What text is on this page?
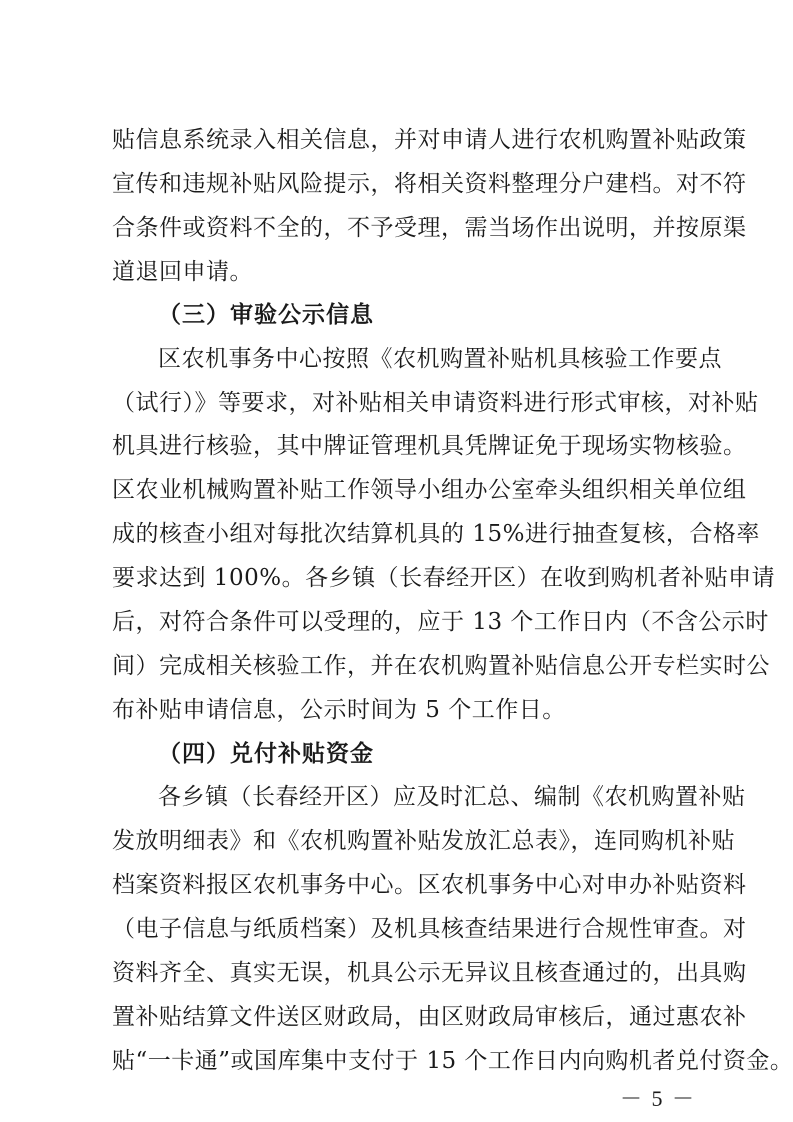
贴信息系统录入相关信息，并对申请人进行农机购置补贴政策
宣传和违规补贴风险提示，将相关资料整理分户建档。对不符
合条件或资料不全的，不予受理，需当场作出说明，并按原渠
道退回申请。
（三）审验公示信息
区农机事务中心按照《农机购置补贴机具核验工作要点
（试行）》等要求，对补贴相关申请资料进行形式审核，对补贴
机具进行核验，其中牌证管理机具凭牌证免于现场实物核验。
区农业机械购置补贴工作领导小组办公室牵头组织相关单位组
成的核查小组对每批次结算机具的 15%进行抽查复核，合格率
要求达到 100%。各乡镇（长春经开区）在收到购机者补贴申请
后，对符合条件可以受理的，应于 13 个工作日内（不含公示时
间）完成相关核验工作，并在农机购置补贴信息公开专栏实时公
布补贴申请信息，公示时间为 5 个工作日。
（四）兑付补贴资金
各乡镇（长春经开区）应及时汇总、编制《农机购置补贴
发放明细表》和《农机购置补贴发放汇总表》，连同购机补贴
档案资料报区农机事务中心。区农机事务中心对申办补贴资料
（电子信息与纸质档案）及机具核查结果进行合规性审查。对
资料齐全、真实无误，机具公示无异议且核查通过的，出具购
置补贴结算文件送区财政局，由区财政局审核后，通过惠农补
贴“一卡通”或国库集中支付于 15 个工作日内向购机者兑付资金。
－ 5 －
